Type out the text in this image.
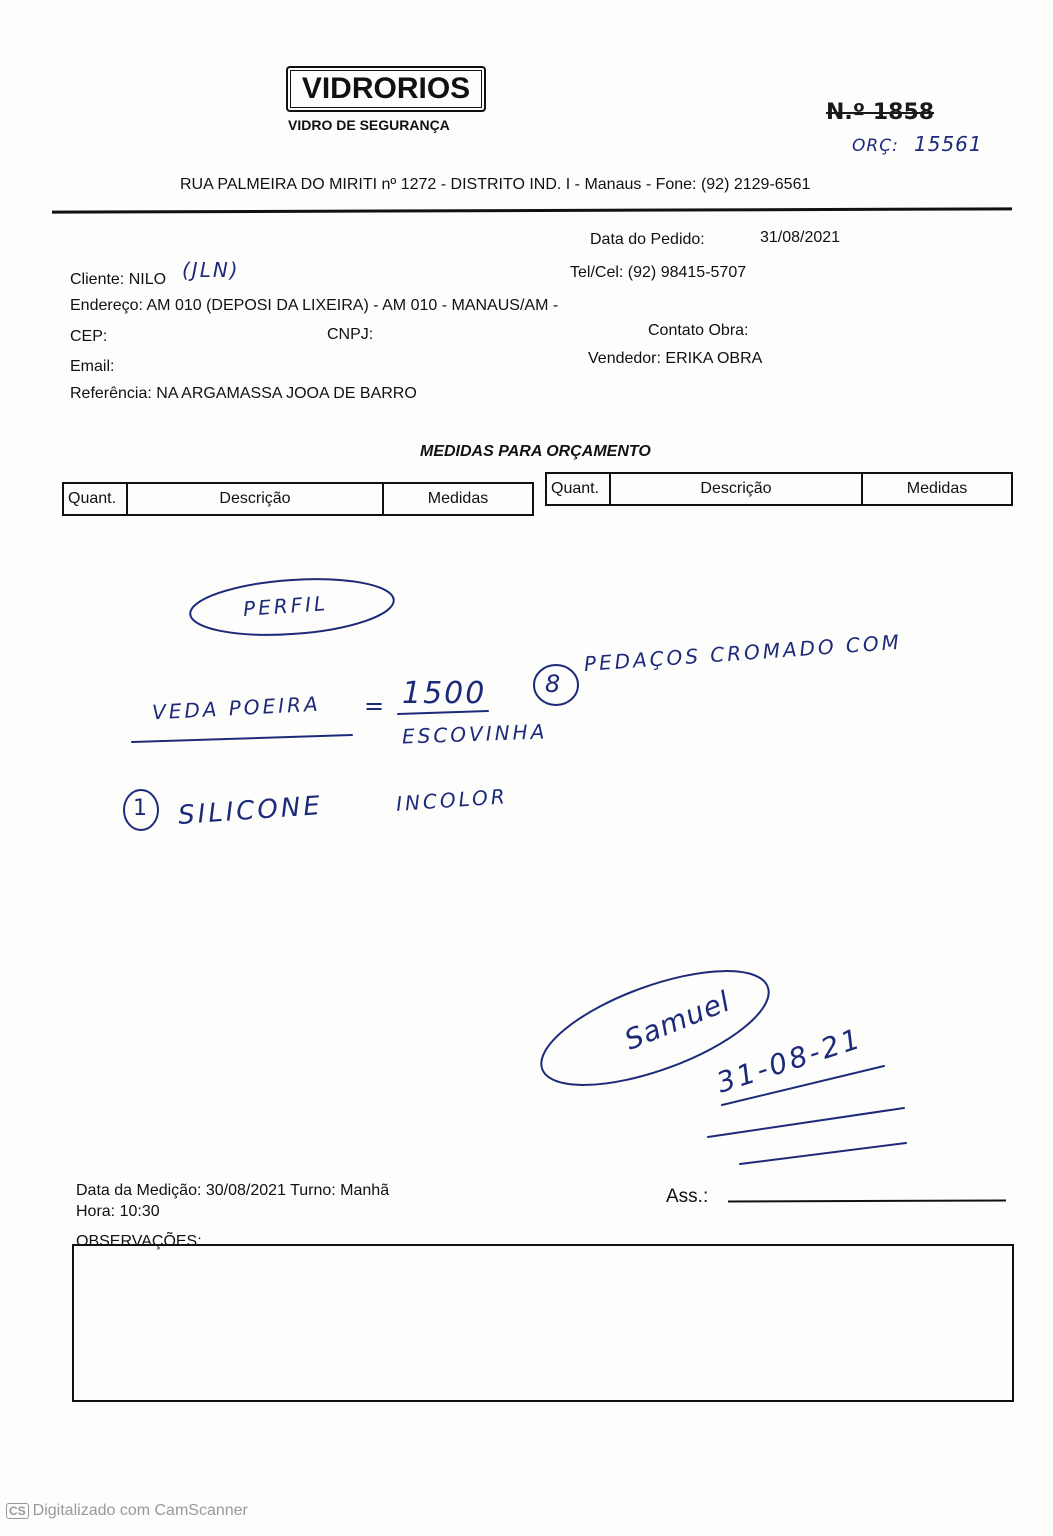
VIDRORIOS
VIDRO DE SEGURANÇA	N.º 1858
ORÇ: 15561
RUA PALMEIRA DO MIRITI nº 1272 - DISTRITO IND. I - Manaus - Fone: (92) 2129-6561
Data do Pedido:	31/08/2021
Cliente: NILO (JLN)	Tel/Cel: (92) 98415-5707
Endereço: AM 010 (DEPOSI DA LIXEIRA) - AM 010 - MANAUS/AM -
CEP:	CNPJ:	Contato Obra:
Email:	Vendedor: ERIKA OBRA
Referência: NA ARGAMASSA JOOA DE BARRO
MEDIDAS PARA ORÇAMENTO
Quant.	Descrição	Medidas
Quant.	Descrição	Medidas
PERFIL
VEDA POEIRA = 1500 8
PEDAÇOS CROMADO COM
ESCOVINHA
1 SILICONE	INCOLOR
Samuel
31-08-21
Data da Medição: 30/08/2021 Turno: Manhã
Hora: 10:30
Ass.:
OBSERVAÇÕES:
CS Digitalizado com CamScanner
